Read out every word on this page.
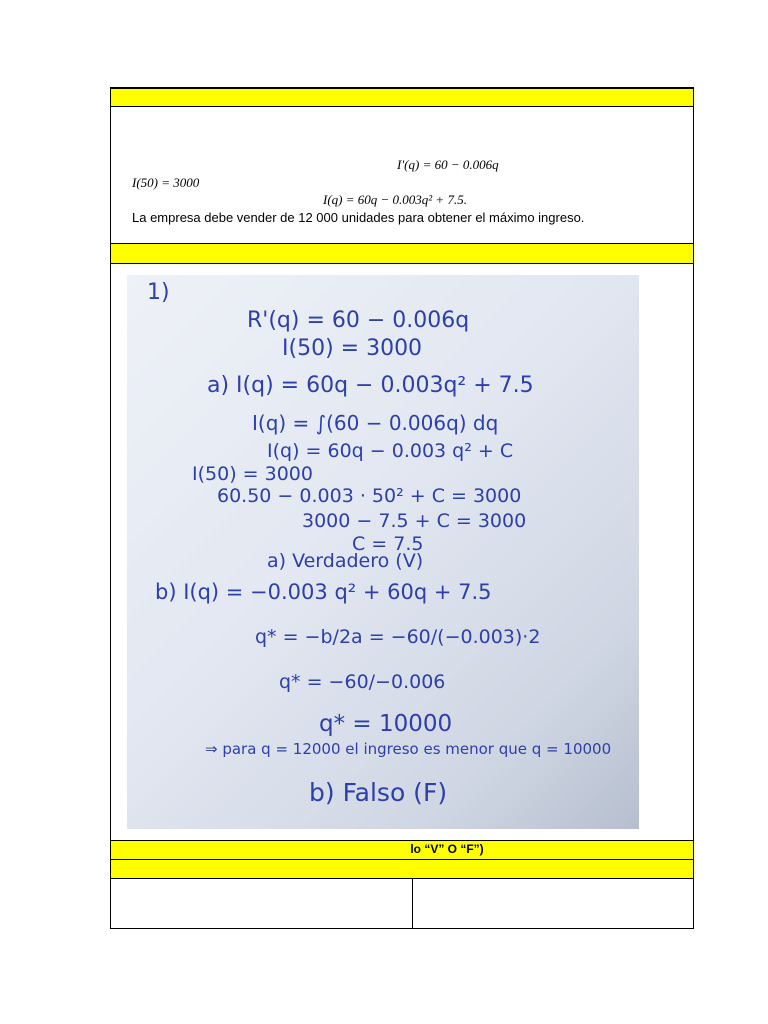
I′(q) = 60 − 0.006q
I(50) = 3000
I(q) = 60q − 0.003q² + 7.5.
La empresa debe vender de 12 000 unidades para obtener el máximo ingreso.
1)
R'(q) = 60 − 0.006q
I(50) = 3000
a) I(q) = 60q − 0.003q² + 7.5
I(q) = ∫(60 − 0.006q) dq
I(q) = 60q − 0.003 q² + C
I(50) = 3000
60.50 − 0.003 · 50² + C = 3000
3000 − 7.5 + C = 3000
C = 7.5
a) Verdadero (V)
b) I(q) = −0.003 q² + 60q + 7.5
q* = −b/2a = −60/(−0.003)·2
q* = −60/−0.006
q* = 10000
⇒ para q = 12000 el ingreso es menor que q = 10000
b) Falso (F)
lo “V” O “F”)
